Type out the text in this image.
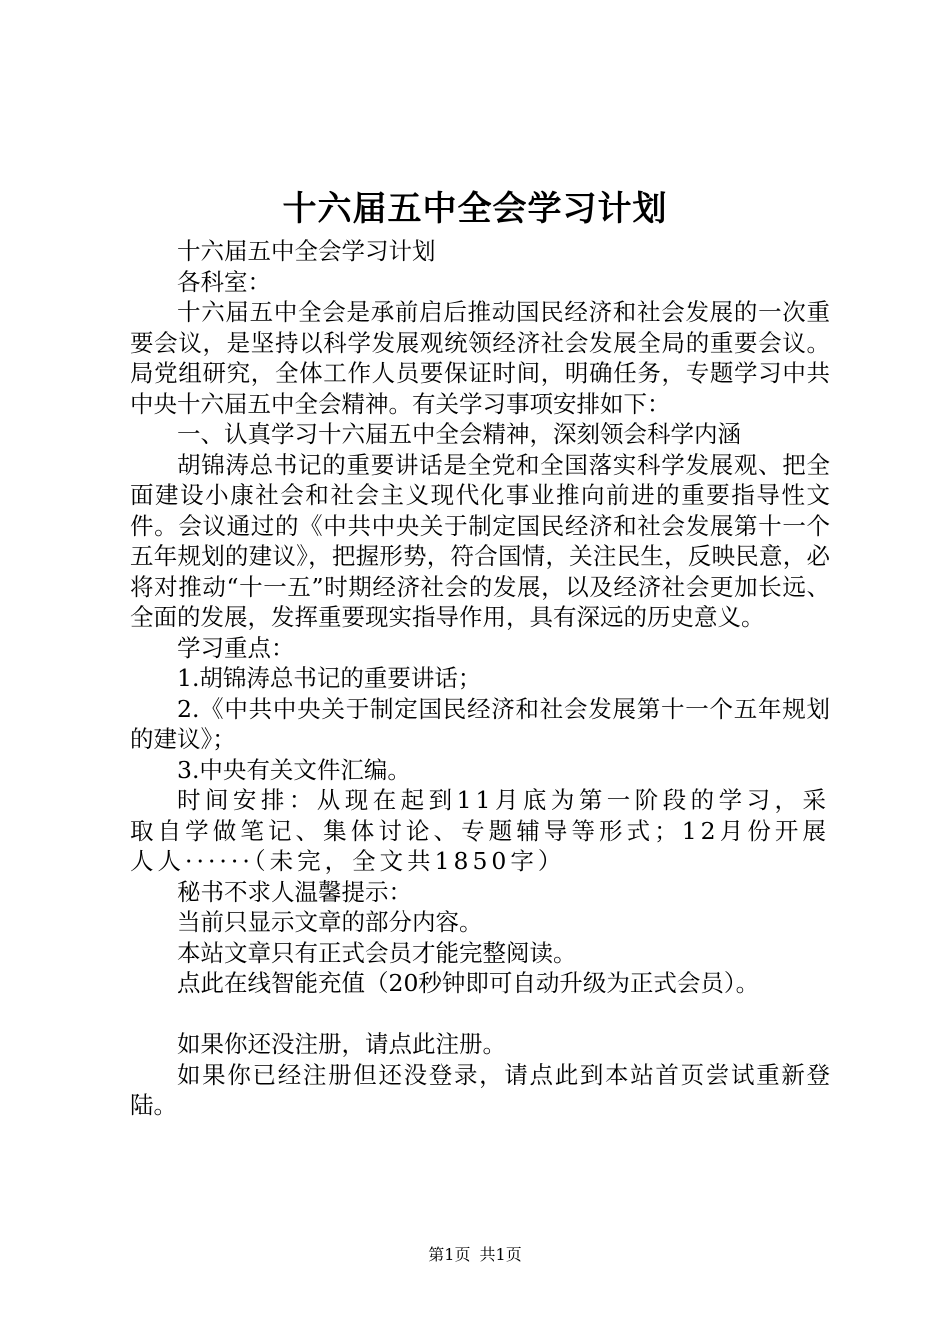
十六届五中全会学习计划

十六届五中全会学习计划

各科室：

十六届五中全会是承前启后推动国民经济和社会发展的一次重要会议，是坚持以科学发展观统领经济社会发展全局的重要会议。局党组研究，全体工作人员要保证时间，明确任务，专题学习中共中央十六届五中全会精神。有关学习事项安排如下：

一、认真学习十六届五中全会精神，深刻领会科学内涵

胡锦涛总书记的重要讲话是全党和全国落实科学发展观、把全面建设小康社会和社会主义现代化事业推向前进的重要指导性文件。会议通过的《中共中央关于制定国民经济和社会发展第十一个五年规划的建议》，把握形势，符合国情，关注民生，反映民意，必将对推动“十一五”时期经济社会的发展，以及经济社会更加长远、全面的发展，发挥重要现实指导作用，具有深远的历史意义。

学习重点：

1.胡锦涛总书记的重要讲话；

2.《中共中央关于制定国民经济和社会发展第十一个五年规划的建议》；

3.中央有关文件汇编。

时间安排：从现在起到11月底为第一阶段的学习，采取自学做笔记、集体讨论、专题辅导等形式；12月份开展人人······（未完，全文共1850字）

秘书不求人温馨提示：

当前只显示文章的部分内容。

本站文章只有正式会员才能完整阅读。

点此在线智能充值（20秒钟即可自动升级为正式会员）。

如果你还没注册，请点此注册。

如果你已经注册但还没登录，请点此到本站首页尝试重新登陆。

第1页 共1页
